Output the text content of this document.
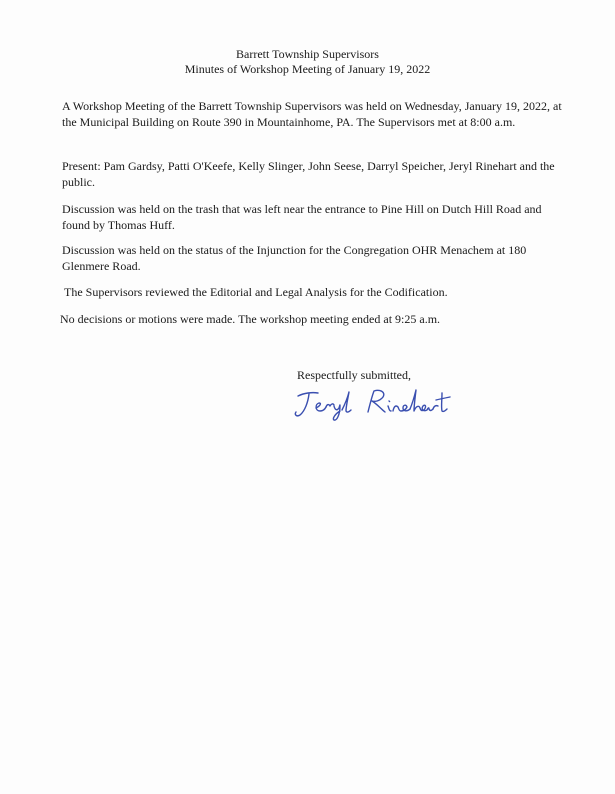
Barrett Township Supervisors
Minutes of Workshop Meeting of January 19, 2022

A Workshop Meeting of the Barrett Township Supervisors was held on Wednesday, January 19, 2022, at the Municipal Building on Route 390 in Mountainhome, PA. The Supervisors met at 8:00 a.m.

Present: Pam Gardsy, Patti O'Keefe, Kelly Slinger, John Seese, Darryl Speicher, Jeryl Rinehart and the public.

Discussion was held on the trash that was left near the entrance to Pine Hill on Dutch Hill Road and found by Thomas Huff.

Discussion was held on the status of the Injunction for the Congregation OHR Menachem at 180 Glenmere Road.

The Supervisors reviewed the Editorial and Legal Analysis for the Codification.

No decisions or motions were made. The workshop meeting ended at 9:25 a.m.

Respectfully submitted,
